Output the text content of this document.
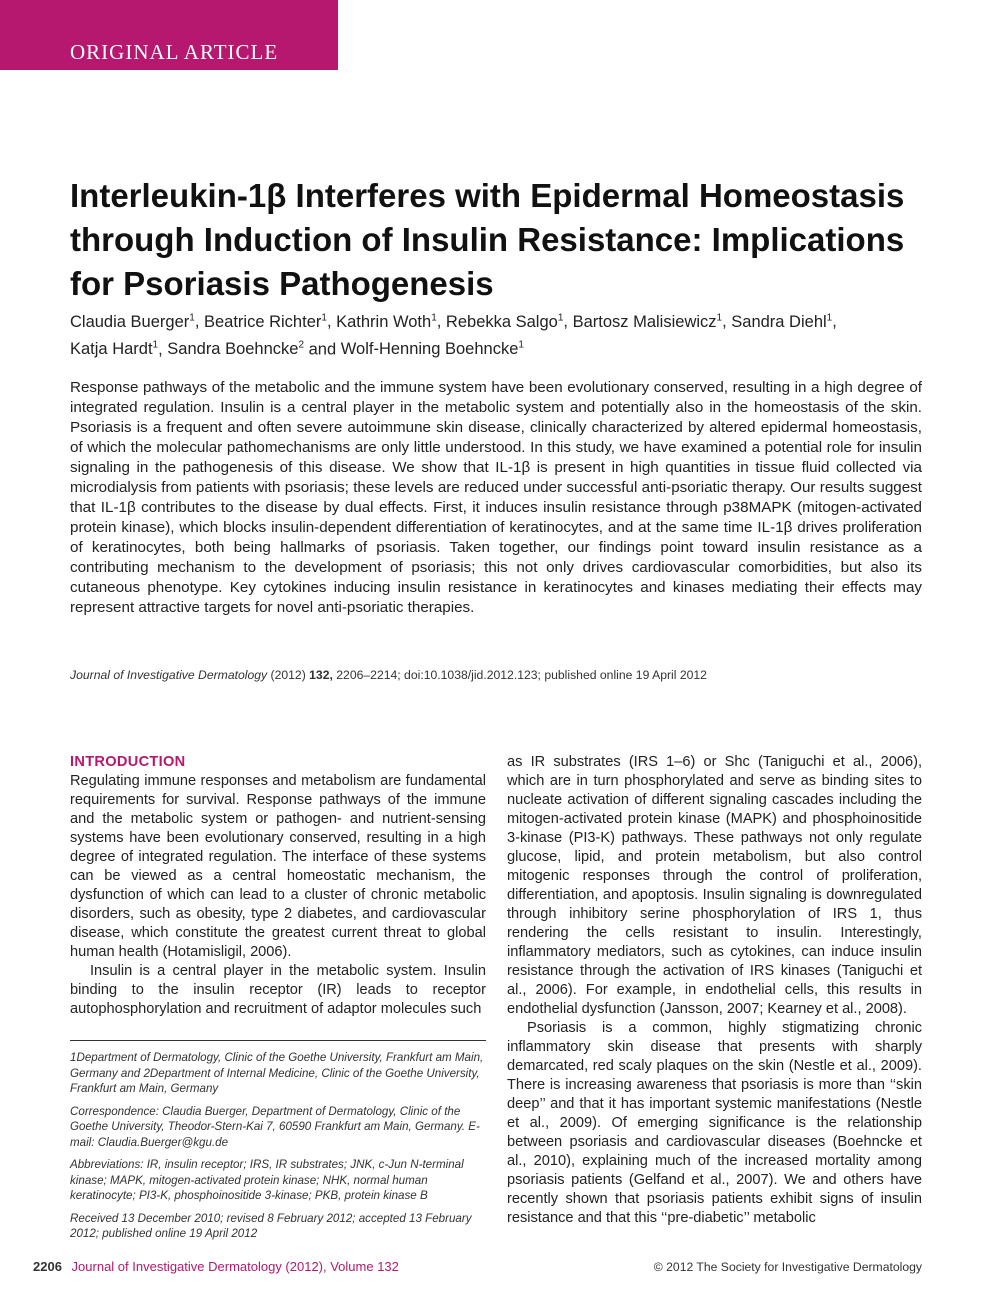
ORIGINAL ARTICLE
Interleukin-1β Interferes with Epidermal Homeostasis through Induction of Insulin Resistance: Implications for Psoriasis Pathogenesis
Claudia Buerger$^1$, Beatrice Richter$^1$, Kathrin Woth$^1$, Rebekka Salgo$^1$, Bartosz Malisiewicz$^1$, Sandra Diehl$^1$,
Katja Hardt$^1$, Sandra Boehncke$^2$ and Wolf-Henning Boehncke$^1$

Response pathways of the metabolic and the immune system have been evolutionary conserved, resulting in a high degree of integrated regulation. Insulin is a central player in the metabolic system and potentially also in the homeostasis of the skin. Psoriasis is a frequent and often severe autoimmune skin disease, clinically characterized by altered epidermal homeostasis, of which the molecular pathomechanisms are only little understood. In this study, we have examined a potential role for insulin signaling in the pathogenesis of this disease. We show that IL-1β is present in high quantities in tissue fluid collected via microdialysis from patients with psoriasis; these levels are reduced under successful anti-psoriatic therapy. Our results suggest that IL-1β contributes to the disease by dual effects. First, it induces insulin resistance through p38MAPK (mitogen-activated protein kinase), which blocks insulin-dependent differentiation of keratinocytes, and at the same time IL-1β drives proliferation of keratinocytes, both being hallmarks of psoriasis. Taken together, our findings point toward insulin resistance as a contributing mechanism to the development of psoriasis; this not only drives cardiovascular comorbidities, but also its cutaneous phenotype. Key cytokines inducing insulin resistance in keratinocytes and kinases mediating their effects may represent attractive targets for novel anti-psoriatic therapies.

Journal of Investigative Dermatology (2012) 132, 2206–2214; doi:10.1038/jid.2012.123; published online 19 April 2012
INTRODUCTION

Regulating immune responses and metabolism are fundamental requirements for survival. Response pathways of the immune and the metabolic system or pathogen- and nutrient-sensing systems have been evolutionary conserved, resulting in a high degree of integrated regulation. The interface of these systems can be viewed as a central homeostatic mechanism, the dysfunction of which can lead to a cluster of chronic metabolic disorders, such as obesity, type 2 diabetes, and cardiovascular disease, which constitute the greatest current threat to global human health (Hotamisligil, 2006).

Insulin is a central player in the metabolic system. Insulin binding to the insulin receptor (IR) leads to receptor autophosphorylation and recruitment of adaptor molecules such

1Department of Dermatology, Clinic of the Goethe University, Frankfurt am Main, Germany and 2Department of Internal Medicine, Clinic of the Goethe University, Frankfurt am Main, Germany

Correspondence: Claudia Buerger, Department of Dermatology, Clinic of the Goethe University, Theodor-Stern-Kai 7, 60590 Frankfurt am Main, Germany. E-mail: Claudia.Buerger@kgu.de

Abbreviations: IR, insulin receptor; IRS, IR substrates; JNK, c-Jun N-terminal kinase; MAPK, mitogen-activated protein kinase; NHK, normal human keratinocyte; PI3-K, phosphoinositide 3-kinase; PKB, protein kinase B

Received 13 December 2010; revised 8 February 2012; accepted 13 February 2012; published online 19 April 2012

as IR substrates (IRS 1–6) or Shc (Taniguchi et al., 2006), which are in turn phosphorylated and serve as binding sites to nucleate activation of different signaling cascades including the mitogen-activated protein kinase (MAPK) and phosphoinositide 3-kinase (PI3-K) pathways. These pathways not only regulate glucose, lipid, and protein metabolism, but also control mitogenic responses through the control of proliferation, differentiation, and apoptosis. Insulin signaling is downregulated through inhibitory serine phosphorylation of IRS 1, thus rendering the cells resistant to insulin. Interestingly, inflammatory mediators, such as cytokines, can induce insulin resistance through the activation of IRS kinases (Taniguchi et al., 2006). For example, in endothelial cells, this results in endothelial dysfunction (Jansson, 2007; Kearney et al., 2008).

Psoriasis is a common, highly stigmatizing chronic inflammatory skin disease that presents with sharply demarcated, red scaly plaques on the skin (Nestle et al., 2009). There is increasing awareness that psoriasis is more than ‘‘skin deep’’ and that it has important systemic manifestations (Nestle et al., 2009). Of emerging significance is the relationship between psoriasis and cardiovascular diseases (Boehncke et al., 2010), explaining much of the increased mortality among psoriasis patients (Gelfand et al., 2007). We and others have recently shown that psoriasis patients exhibit signs of insulin resistance and that this ‘‘pre-diabetic’’ metabolic

2206 Journal of Investigative Dermatology (2012), Volume 132	© 2012 The Society for Investigative Dermatology
